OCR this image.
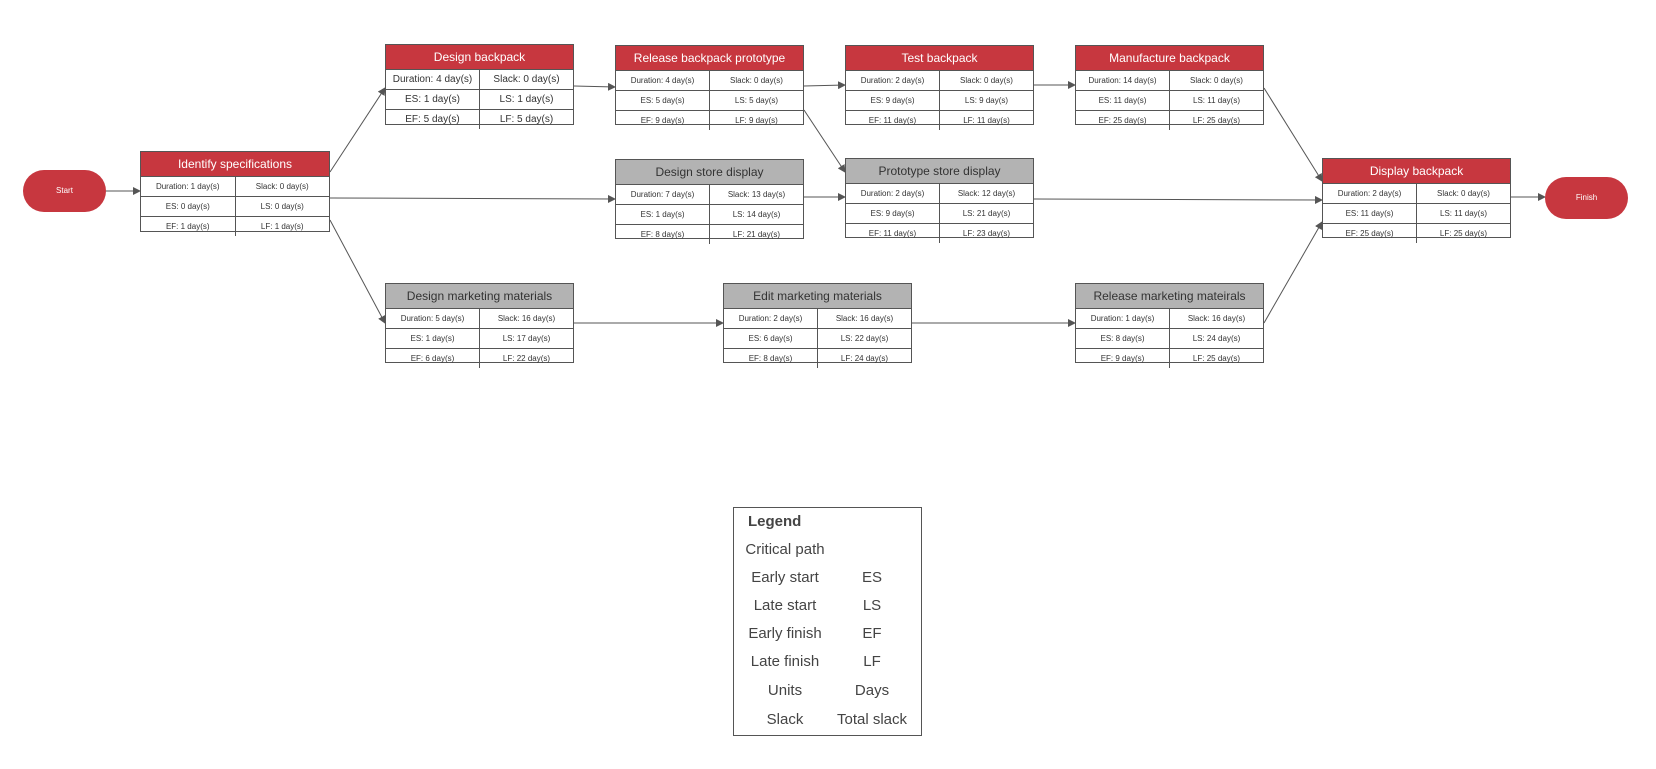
Start
Finish
Identify specifications
Duration: 1 day(s)	Slack: 0 day(s)
ES: 0 day(s)	LS: 0 day(s)
EF: 1 day(s)	LF: 1 day(s)
Design backpack
Duration: 4 day(s)	Slack: 0 day(s)
ES: 1 day(s)	LS: 1 day(s)
EF: 5 day(s)	LF: 5 day(s)
Release backpack prototype
Duration: 4 day(s)	Slack: 0 day(s)
ES: 5 day(s)	LS: 5 day(s)
EF: 9 day(s)	LF: 9 day(s)
Test backpack
Duration: 2 day(s)	Slack: 0 day(s)
ES: 9 day(s)	LS: 9 day(s)
EF: 11 day(s)	LF: 11 day(s)
Manufacture backpack
Duration: 14 day(s)	Slack: 0 day(s)
ES: 11 day(s)	LS: 11 day(s)
EF: 25 day(s)	LF: 25 day(s)
Design store display
Duration: 7 day(s)	Slack: 13 day(s)
ES: 1 day(s)	LS: 14 day(s)
EF: 8 day(s)	LF: 21 day(s)
Prototype store display
Duration: 2 day(s)	Slack: 12 day(s)
ES: 9 day(s)	LS: 21 day(s)
EF: 11 day(s)	LF: 23 day(s)
Display backpack
Duration: 2 day(s)	Slack: 0 day(s)
ES: 11 day(s)	LS: 11 day(s)
EF: 25 day(s)	LF: 25 day(s)
Design marketing materials
Duration: 5 day(s)	Slack: 16 day(s)
ES: 1 day(s)	LS: 17 day(s)
EF: 6 day(s)	LF: 22 day(s)
Edit marketing materials
Duration: 2 day(s)	Slack: 16 day(s)
ES: 6 day(s)	LS: 22 day(s)
EF: 8 day(s)	LF: 24 day(s)
Release marketing mateirals
Duration: 1 day(s)	Slack: 16 day(s)
ES: 8 day(s)	LS: 24 day(s)
EF: 9 day(s)	LF: 25 day(s)
Legend
Critical path
Early start	ES
Late start	LS
Early finish	EF
Late finish	LF
Units	Days
Slack	Total slack
